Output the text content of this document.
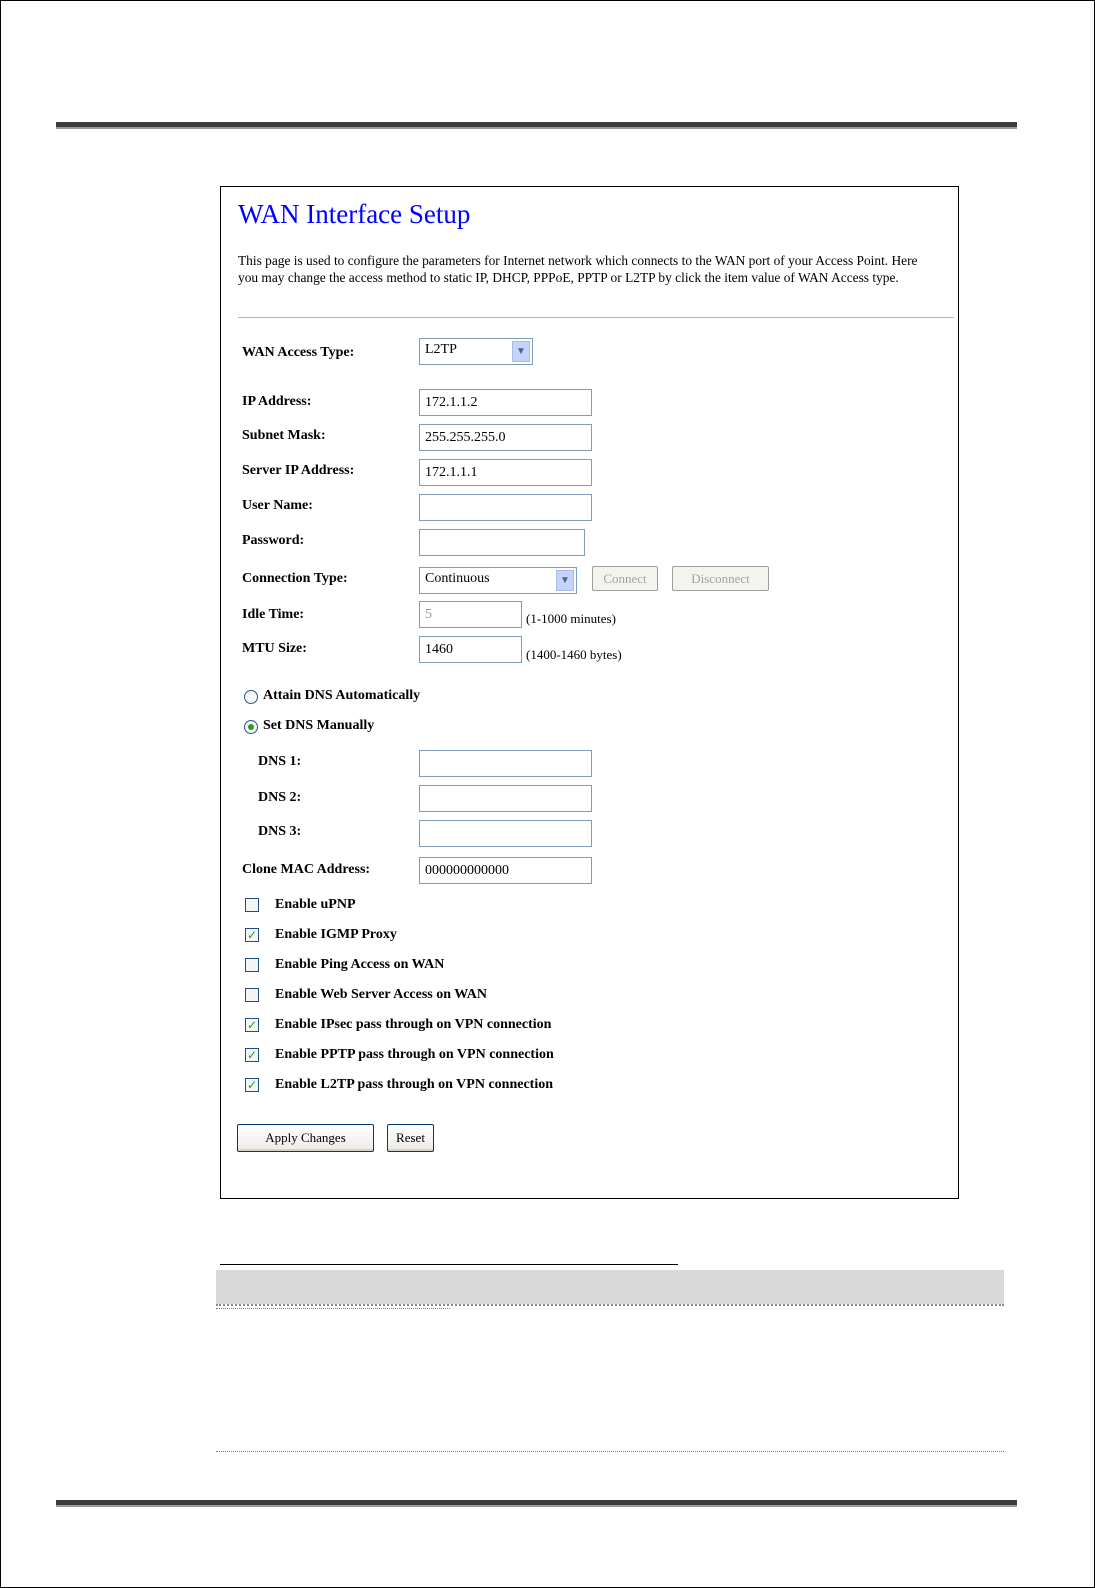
WAN Interface Setup

This page is used to configure the parameters for Internet network which connects to the WAN port of your Access Point. Here you may change the access method to static IP, DHCP, PPPoE, PPTP or L2TP by click the item value of WAN Access type.

WAN Access Type:	L2TP	▼
IP Address:
172.1.1.2
Subnet Mask:
255.255.255.0
Server IP Address:
172.1.1.1
User Name:
Password:
Connection Type:	Continuous	▼	Connect	Disconnect
Idle Time:
5	(1-1000 minutes)
MTU Size:
1460	(1400-1460 bytes)
Attain DNS Automatically
Set DNS Manually
DNS 1:
DNS 2:
DNS 3:
Clone MAC Address:
000000000000
Enable uPNP
✓ Enable IGMP Proxy
Enable Ping Access on WAN
Enable Web Server Access on WAN
✓ Enable IPsec pass through on VPN connection
✓ Enable PPTP pass through on VPN connection
✓ Enable L2TP pass through on VPN connection
Apply Changes	Reset
